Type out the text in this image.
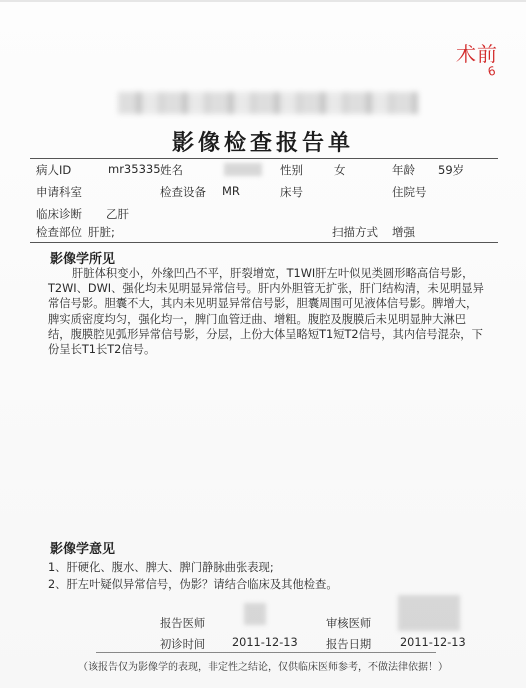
术前
6
影像检查报告单
病人ID	mr35335 姓名	性别	女	年龄 59岁
申请科室	检查设备 MR	床号	住院号
临床诊断 乙肝
检查部位 肝脏;	扫描方式 增强
影像学所见
肝脏体积变小，外缘凹凸不平，肝裂增宽，T1WI肝左叶似见类圆形略高信号影，T2WI、DWI、强化均未见明显异常信号。肝内外胆管无扩张，肝门结构清，未见明显异常信号影。胆囊不大，其内未见明显异常信号影，胆囊周围可见液体信号影。脾增大，脾实质密度均匀，强化均一，脾门血管迂曲、增粗。腹腔及腹膜后未见明显肿大淋巴结，腹膜腔见弧形异常信号影，分层，上份大体呈略短T1短T2信号，其内信号混杂，下份呈长T1长T2信号。
影像学意见
1、肝硬化、腹水、脾大、脾门静脉曲张表现;
2、肝左叶疑似异常信号，伪影？请结合临床及其他检查。
报告医师	审核医师
初诊时间 2011-12-13	报告日期	2011-12-13
（该报告仅为影像学的表现，非定性之结论，仅供临床医师参考，不做法律依据！）
